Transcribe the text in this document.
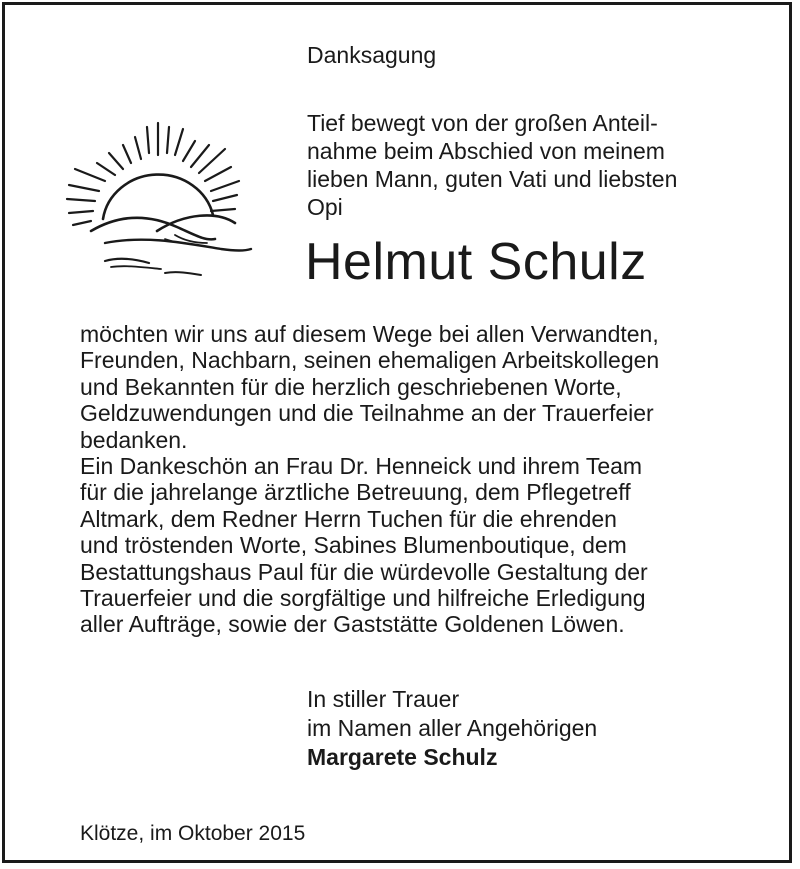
Danksagung
Tief bewegt von der großen Anteil-
nahme beim Abschied von meinem
lieben Mann, guten Vati und liebsten
Opi
Helmut Schulz
möchten wir uns auf diesem Wege bei allen Verwandten,
Freunden, Nachbarn, seinen ehemaligen Arbeitskollegen
und Bekannten für die herzlich geschriebenen Worte,
Geldzuwendungen und die Teilnahme an der Trauerfeier
bedanken.
Ein Dankeschön an Frau Dr. Henneick und ihrem Team
für die jahrelange ärztliche Betreuung, dem Pflegetreff
Altmark, dem Redner Herrn Tuchen für die ehrenden
und tröstenden Worte, Sabines Blumenboutique, dem
Bestattungshaus Paul für die würdevolle Gestaltung der
Trauerfeier und die sorgfältige und hilfreiche Erledigung
aller Aufträge, sowie der Gaststätte Goldenen Löwen.
In stiller Trauer
im Namen aller Angehörigen
Margarete Schulz
Klötze, im Oktober 2015
